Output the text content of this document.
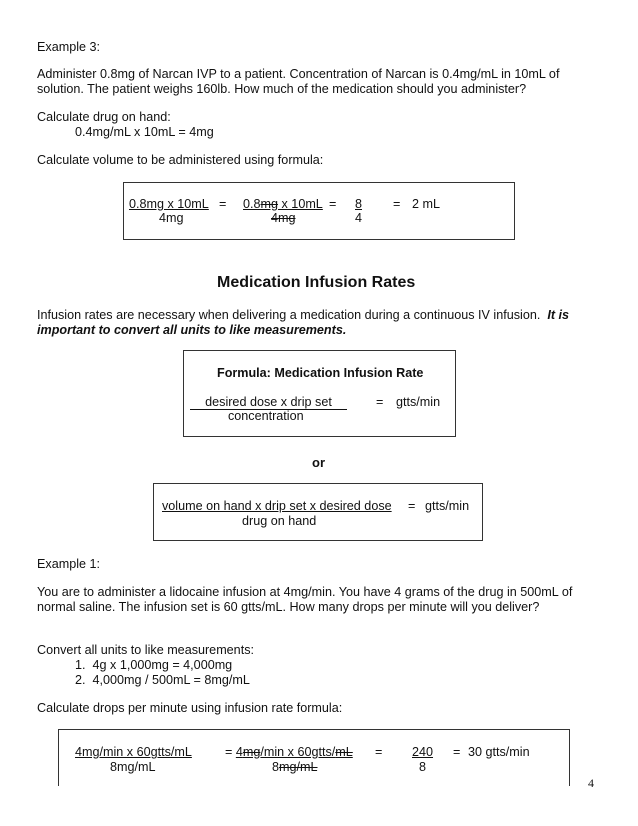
Example 3:
Administer 0.8mg of Narcan IVP to a patient. Concentration of Narcan is 0.4mg/mL in 10mL of
solution. The patient weighs 160lb. How much of the medication should you administer?
Calculate drug on hand:
0.4mg/mL x 10mL = 4mg
Calculate volume to be administered using formula:
0.8mg x 10mL
4mg
= 0.8mg x 10mL =
4mg
8
4
= 2 mL
Medication Infusion Rates
Infusion rates are necessary when delivering a medication during a continuous IV infusion. It is
important to convert all units to like measurements.
Formula: Medication Infusion Rate
desired dose x drip set
concentration
= gtts/min
or
volume on hand x drip set x desired dose
drug on hand
= gtts/min
Example 1:
You are to administer a lidocaine infusion at 4mg/min. You have 4 grams of the drug in 500mL of
normal saline. The infusion set is 60 gtts/mL. How many drops per minute will you deliver?
Convert all units to like measurements:
1.  4g x 1,000mg = 4,000mg
2.  4,000mg / 500mL = 8mg/mL
Calculate drops per minute using infusion rate formula:
4mg/min x 60gtts/mL
8mg/mL
= 4mg/min x 60gtts/mL
8mg/mL
= 240
8
= 30 gtts/min
4
